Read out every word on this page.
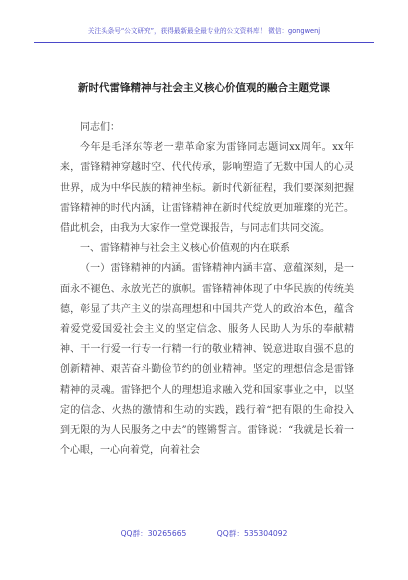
关注头条号“公文研究”，获得最新最全最专业的公文资料库！ 微信：gongwenj
新时代雷锋精神与社会主义核心价值观的融合主题党课

同志们：

今年是毛泽东等老一辈革命家为雷锋同志题词xx周年。xx年来，雷锋精神穿越时空、代代传承，影响塑造了无数中国人的心灵世界，成为中华民族的精神坐标。新时代新征程，我们要深刻把握雷锋精神的时代内涵，让雷锋精神在新时代绽放更加璀璨的光芒。借此机会，由我为大家作一堂党课报告，与同志们共同交流。

一、雷锋精神与社会主义核心价值观的内在联系

（一）雷锋精神的内涵。雷锋精神内涵丰富、意蕴深刻，是一面永不褪色、永放光芒的旗帜。雷锋精神体现了中华民族的传统美德，彰显了共产主义的崇高理想和中国共产党人的政治本色，蕴含着爱党爱国爱社会主义的坚定信念、服务人民助人为乐的奉献精神、干一行爱一行专一行精一行的敬业精神、锐意进取自强不息的创新精神、艰苦奋斗勤俭节约的创业精神。坚定的理想信念是雷锋精神的灵魂。雷锋把个人的理想追求融入党和国家事业之中，以坚定的信念、火热的激情和生动的实践，践行着“把有限的生命投入到无限的为人民服务之中去”的铿锵誓言。雷锋说：“我就是长着一个心眼，一心向着党，向着社会

QQ群：30265665	QQ群：535304092
